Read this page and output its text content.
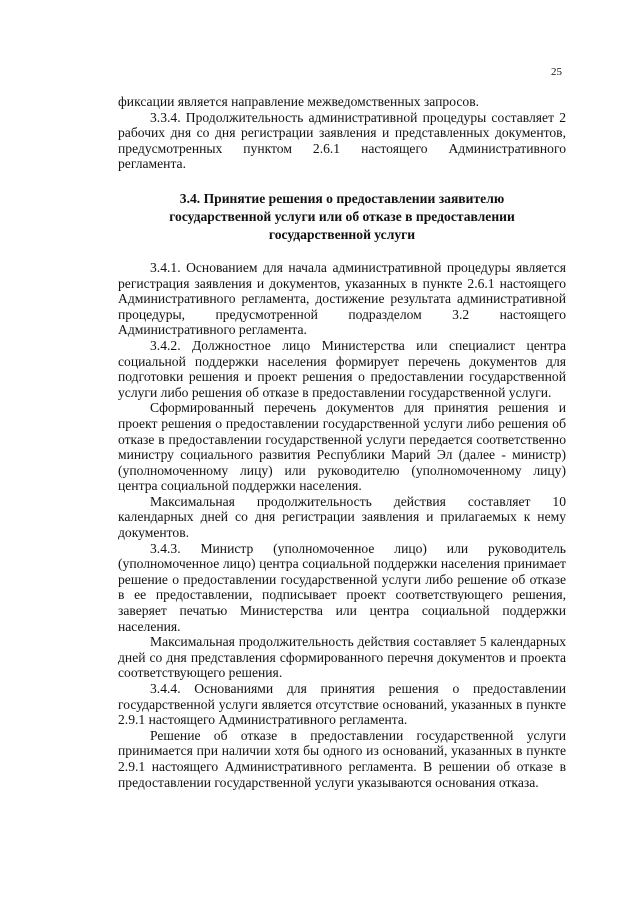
25

фиксации является направление межведомственных запросов.

3.3.4. Продолжительность административной процедуры составляет 2 рабочих дня со дня регистрации заявления и представленных документов, предусмотренных пунктом 2.6.1 настоящего Административного регламента.

3.4. Принятие решения о предоставлении заявителю
государственной услуги или об отказе в предоставлении
государственной услуги

3.4.1. Основанием для начала административной процедуры является регистрация заявления и документов, указанных в пункте 2.6.1 настоящего Административного регламента, достижение результата административной процедуры, предусмотренной подразделом 3.2 настоящего Административного регламента.

3.4.2. Должностное лицо Министерства или специалист центра социальной поддержки населения формирует перечень документов для подготовки решения и проект решения о предоставлении государственной услуги либо решения об отказе в предоставлении государственной услуги.

Сформированный перечень документов для принятия решения и проект решения о предоставлении государственной услуги либо решения об отказе в предоставлении государственной услуги передается соответственно министру социального развития Республики Марий Эл (далее - министр) (уполномоченному лицу) или руководителю (уполномоченному лицу) центра социальной поддержки населения.

Максимальная продолжительность действия составляет 10 календарных дней со дня регистрации заявления и прилагаемых к нему документов.

3.4.3. Министр (уполномоченное лицо) или руководитель (уполномоченное лицо) центра социальной поддержки населения принимает решение о предоставлении государственной услуги либо решение об отказе в ее предоставлении, подписывает проект соответствующего решения, заверяет печатью Министерства или центра социальной поддержки населения.

Максимальная продолжительность действия составляет 5 календарных дней со дня представления сформированного перечня документов и проекта соответствующего решения.

3.4.4. Основаниями для принятия решения о предоставлении государственной услуги является отсутствие оснований, указанных в пункте 2.9.1 настоящего Административного регламента.

Решение об отказе в предоставлении государственной услуги принимается при наличии хотя бы одного из оснований, указанных в пункте 2.9.1 настоящего Административного регламента. В решении об отказе в предоставлении государственной услуги указываются основания отказа.
